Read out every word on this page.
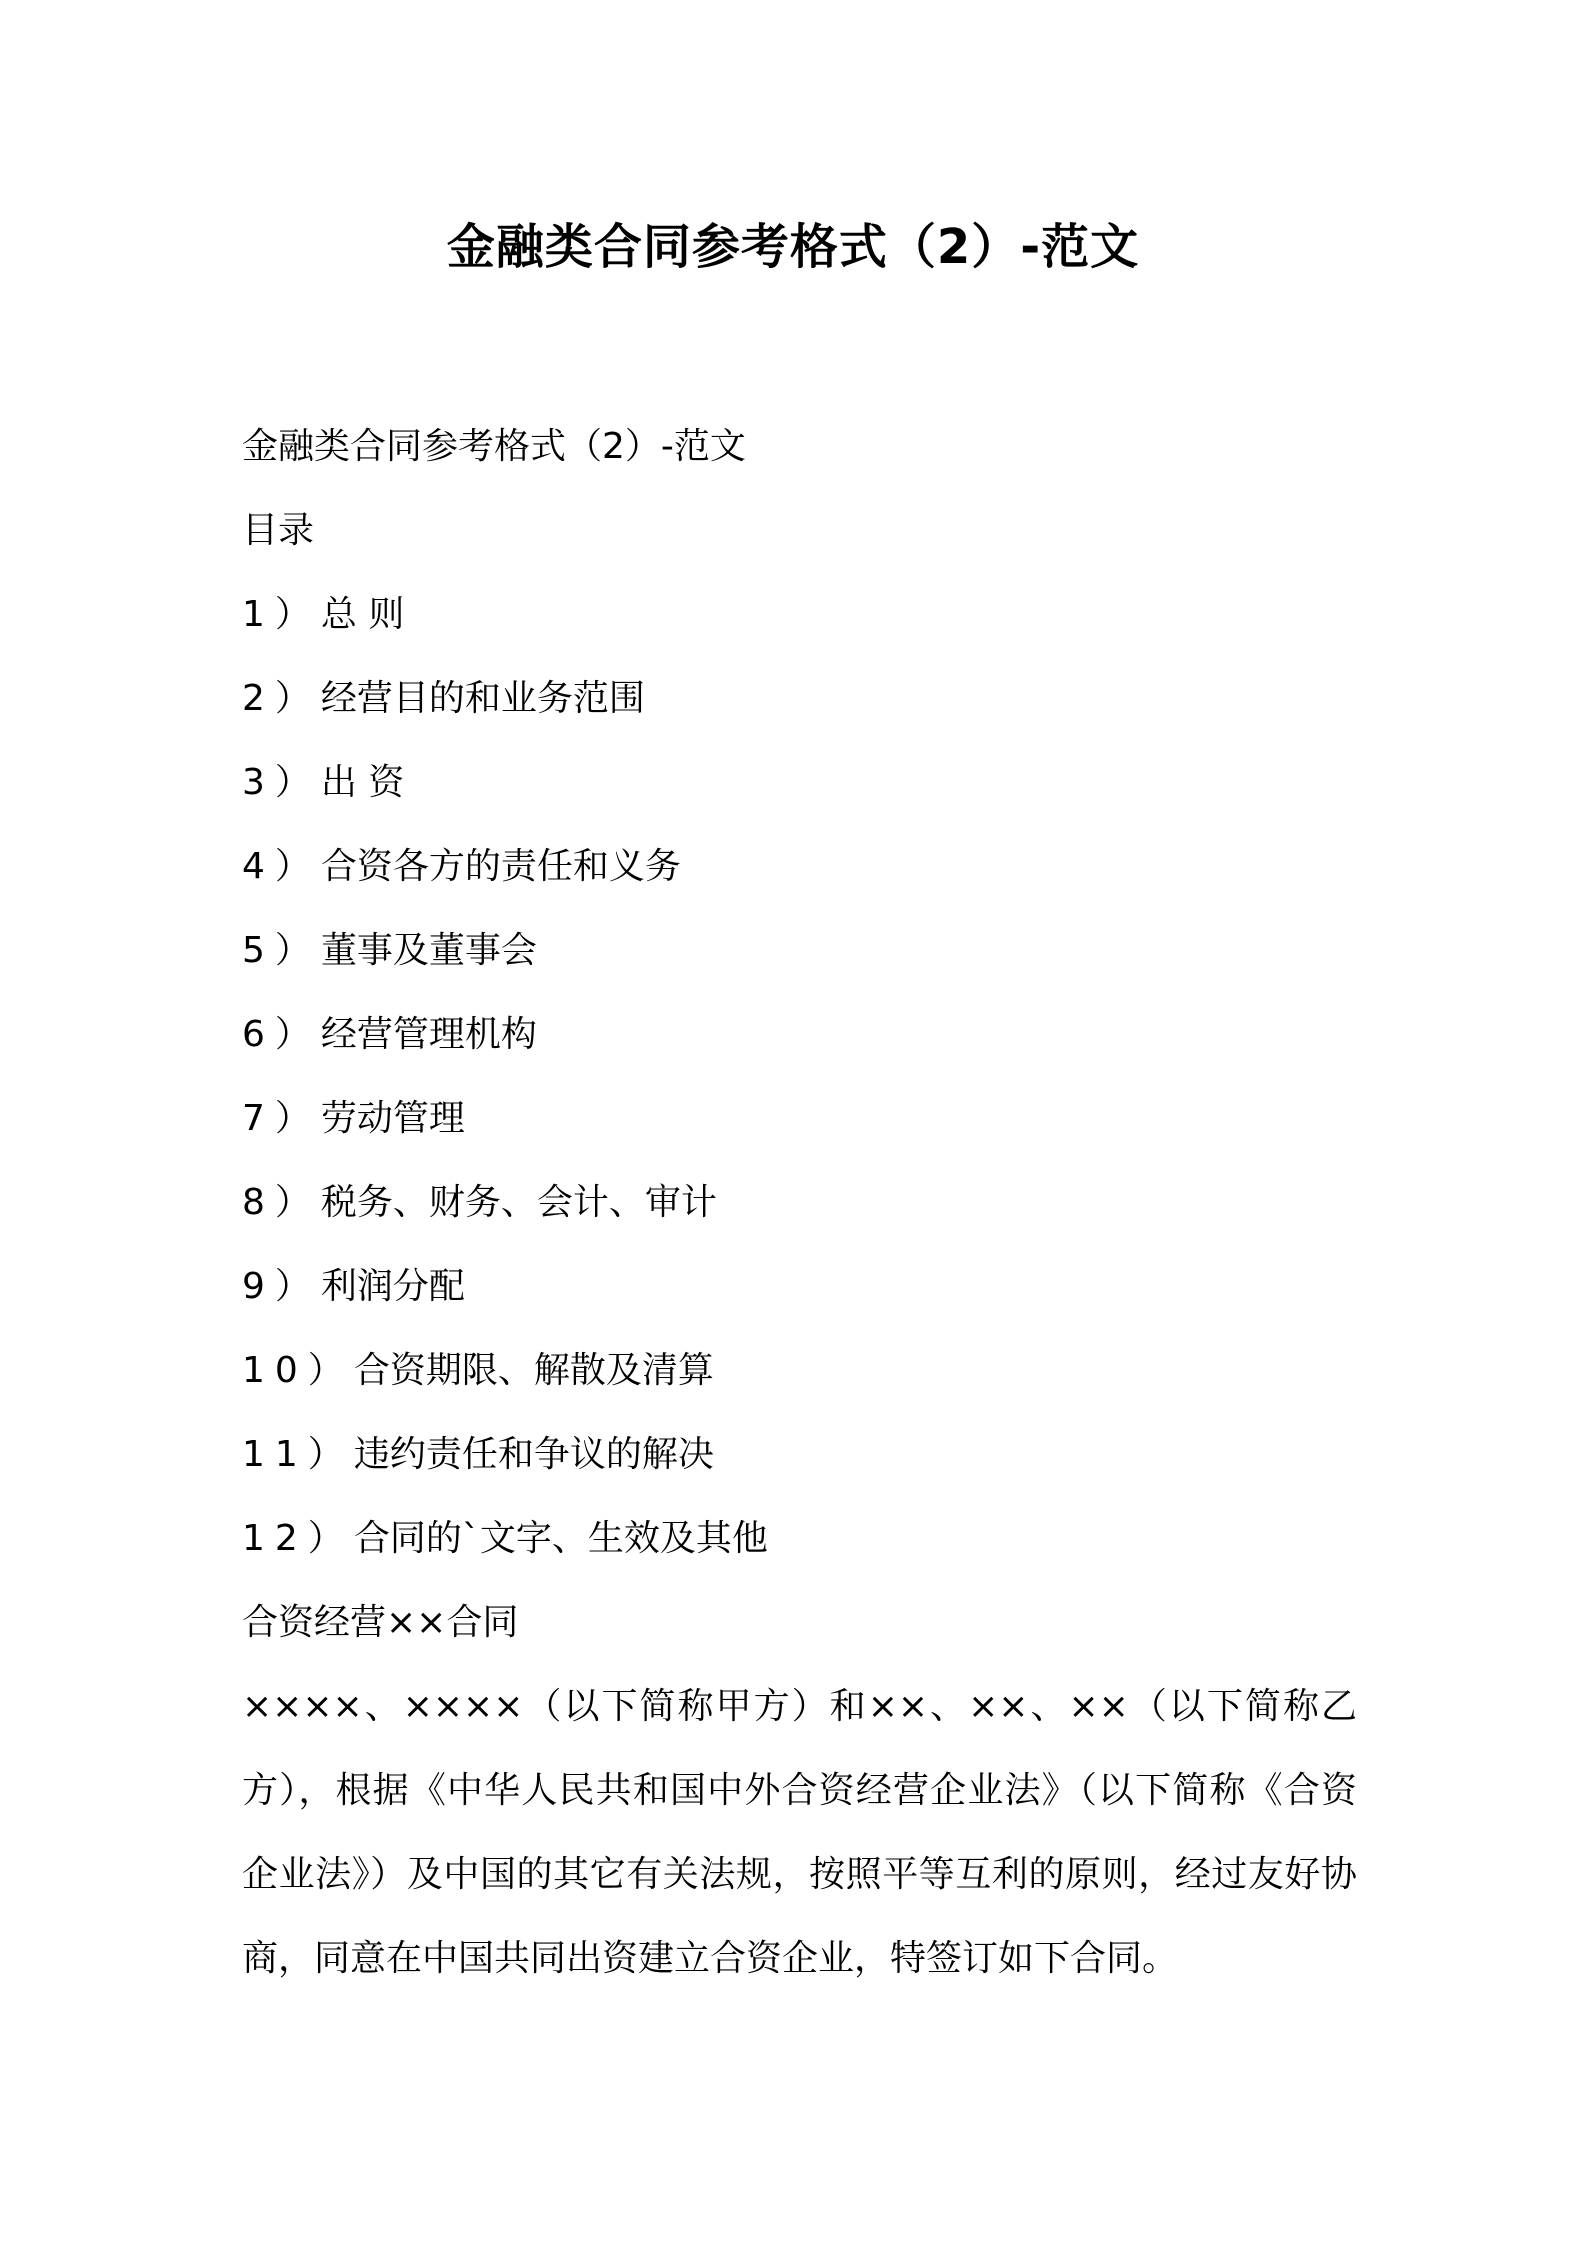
金融类合同参考格式（2）-范文
金融类合同参考格式（2）-范文
目录
1）总 则
2）经营目的和业务范围
3）出 资
4）合资各方的责任和义务
5）董事及董事会
6）经营管理机构
7）劳动管理
8）税务、财务、会计、审计
9）利润分配
10）合资期限、解散及清算
11）违约责任和争议的解决
12）合同的`文字、生效及其他
合资经营××合同
××××、××××（以下简称甲方）和××、××、××（以下简称乙方），根据《中华人民共和国中外合资经营企业法》（以下简称《合资企业法》）及中国的其它有关法规，按照平等互利的原则，经过友好协商，同意在中国共同出资建立合资企业，特签订如下合同。
